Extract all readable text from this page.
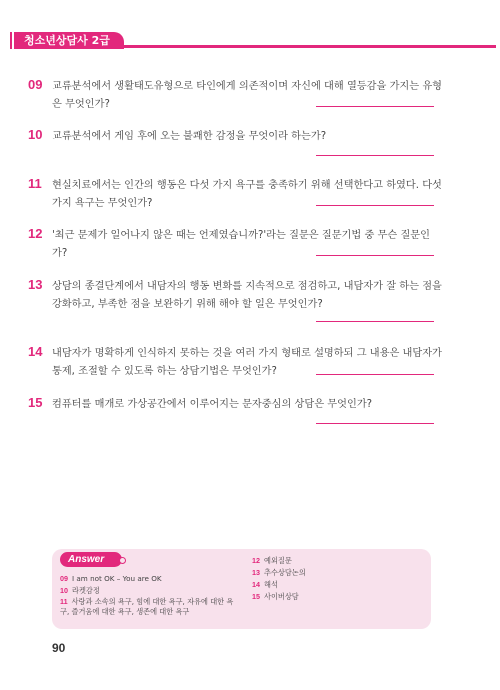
청소년상담사 2급
09 교류분석에서 생활태도유형으로 타인에게 의존적이며 자신에 대해 열등감을 가지는 유형은 무엇인가?
10 교류분석에서 게임 후에 오는 불쾌한 감정을 무엇이라 하는가?
11 현실치료에서는 인간의 행동은 다섯 가지 욕구를 충족하기 위해 선택한다고 하였다. 다섯 가지 욕구는 무엇인가?
12 '최근 문제가 일어나지 않은 때는 언제였습니까?'라는 질문은 질문기법 중 무슨 질문인가?
13 상담의 종결단계에서 내담자의 행동 변화를 지속적으로 점검하고, 내담자가 잘 하는 점을 강화하고, 부족한 점을 보완하기 위해 해야 할 일은 무엇인가?
14 내담자가 명확하게 인식하지 못하는 것을 여러 가지 형태로 설명하되 그 내용은 내담자가 통제, 조절할 수 있도록 하는 상담기법은 무엇인가?
15 컴퓨터를 매개로 가상공간에서 이루어지는 문자중심의 상담은 무엇인가?
Answer
09 I am not OK – You are OK
10 라켓감정
11 사랑과 소속의 욕구, 힘에 대한 욕구, 자유에 대한 욕구, 즐거움에 대한 욕구, 생존에 대한 욕구
12 예외질문
13 추수상담논의
14 해석
15 사이버상담
90
